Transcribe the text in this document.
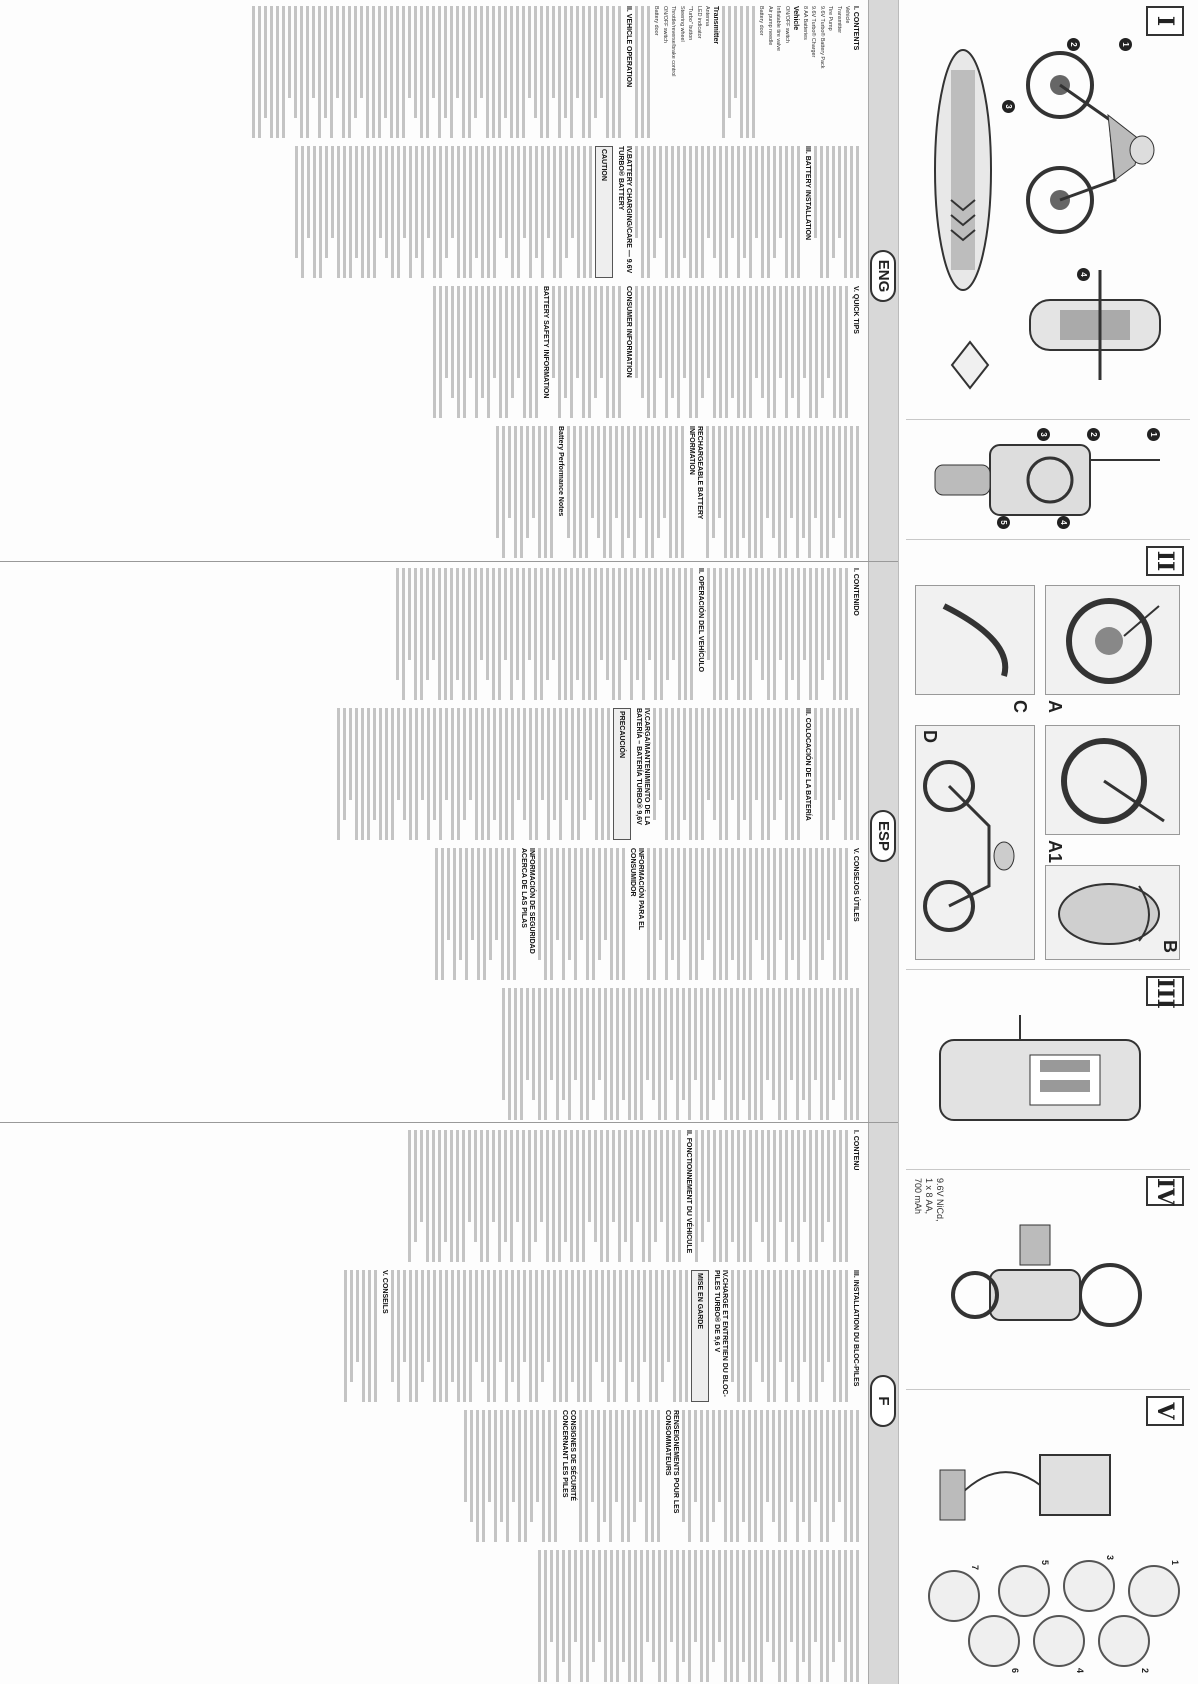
I
1
2
3
4
1
2
3
4
5
II
A
A1
B
C
D
III
IV
9.6V NiCd,
1 x 8 AA,
700 mAh
V
1
2
3
4
5
6
7
ENG
ESP
F
I. CONTENTS

Vehicle

Transmitter

Tire Pump

9.6V Turbo® Battery Pack

9.6V Turbo® Charger

8 AA Batteries

Vehicle

ON/OFF switch

Inflatable tire valve

Air pump needle

Battery door

Transmitter

Antenna

LED indicator

"Turbo" button

Steering wheel

Throttle/reverse/brake control

ON/OFF switch

Battery door

II. VEHICLE OPERATION
III. BATTERY INSTALLATION
IV.BATTERY CHARGING/CARE — 9.6V TURBO® BATTERY
CAUTION
V. QUICK TIPS
CONSUMER INFORMATION
BATTERY SAFETY INFORMATION
RECHARGEABLE BATTERY INFORMATION
Battery Performance Notes
I. CONTENIDO
II. OPERACIÓN DEL VEHÍCULO
III. COLOCACIÓN DE LA BATERÍA
IV.CARGA/MANTENIMIENTO DE LA BATERÍA – BATERÍA TURBO® 9,6V
PRECAUCIÓN
V. CONSEJOS ÚTILES
INFORMACIÓN PARA EL CONSUMIDOR
INFORMACIÓN DE SEGURIDAD ACERCA DE LAS PILAS
I. CONTENU
II. FONCTIONNEMENT DU VÉHICULE
III. INSTALLATION DU BLOC-PILES
IV.CHARGE ET ENTRETIEN DU BLOC-PILES TURBO® DE 9,6 V
MISE EN GARDE
V. CONSEILS
RENSEIGNEMENTS POUR LES CONSOMMATEURS
CONSIGNES DE SÉCURITÉ CONCERNANT LES PILES
